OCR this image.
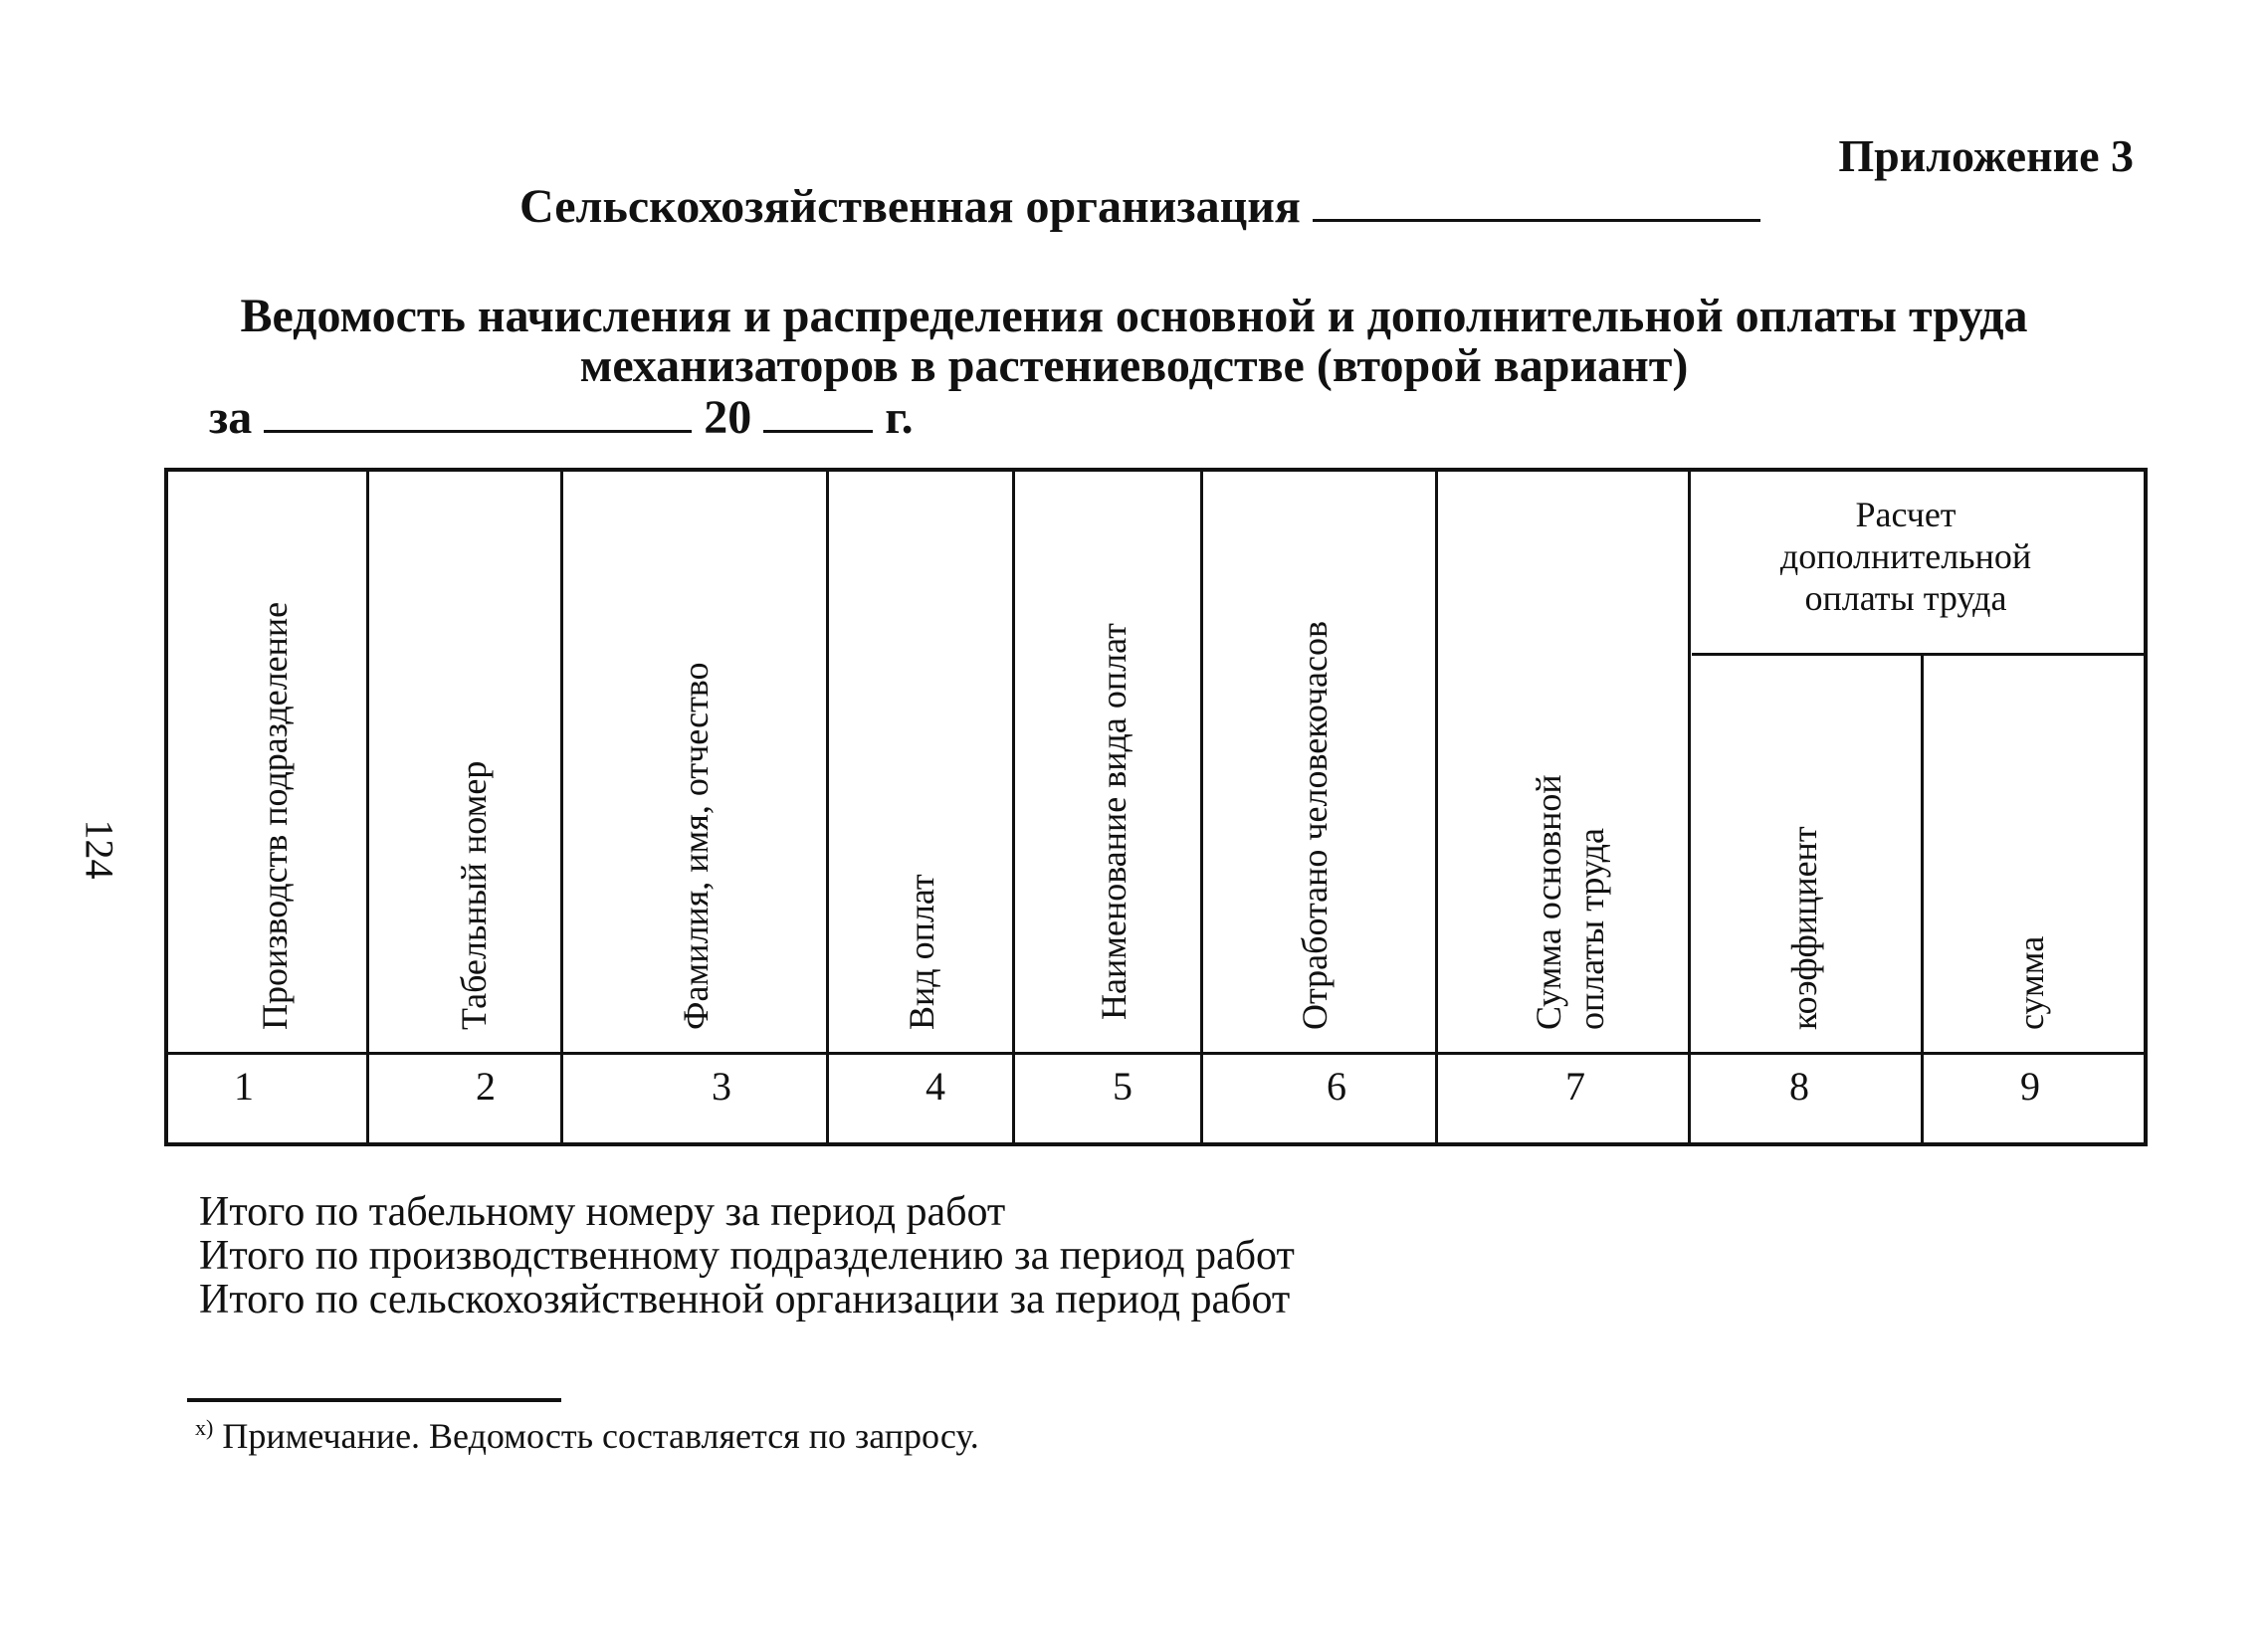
Приложение 3
Сельскохозяйственная организация
Ведомость начисления и распределения основной и дополнительной оплаты труда
механизаторов в растениеводстве (второй вариант)
за	20	г.
124	Производств подразделение	Табельный номер	Фамилия, имя, отчество	Вид оплат	Наименование вида оплат	Отработано человекочасов	Сумма основной оплаты труда	коэффициент	сумма
Расчет
дополнительной
оплаты труда
1	2	3	4	5	6	7	8	9
Итого по табельному номеру за период работ
Итого по производственному подразделению за период работ
Итого по сельскохозяйственной организации за период работ
$^{х)}$ Примечание. Ведомость составляется по запросу.
